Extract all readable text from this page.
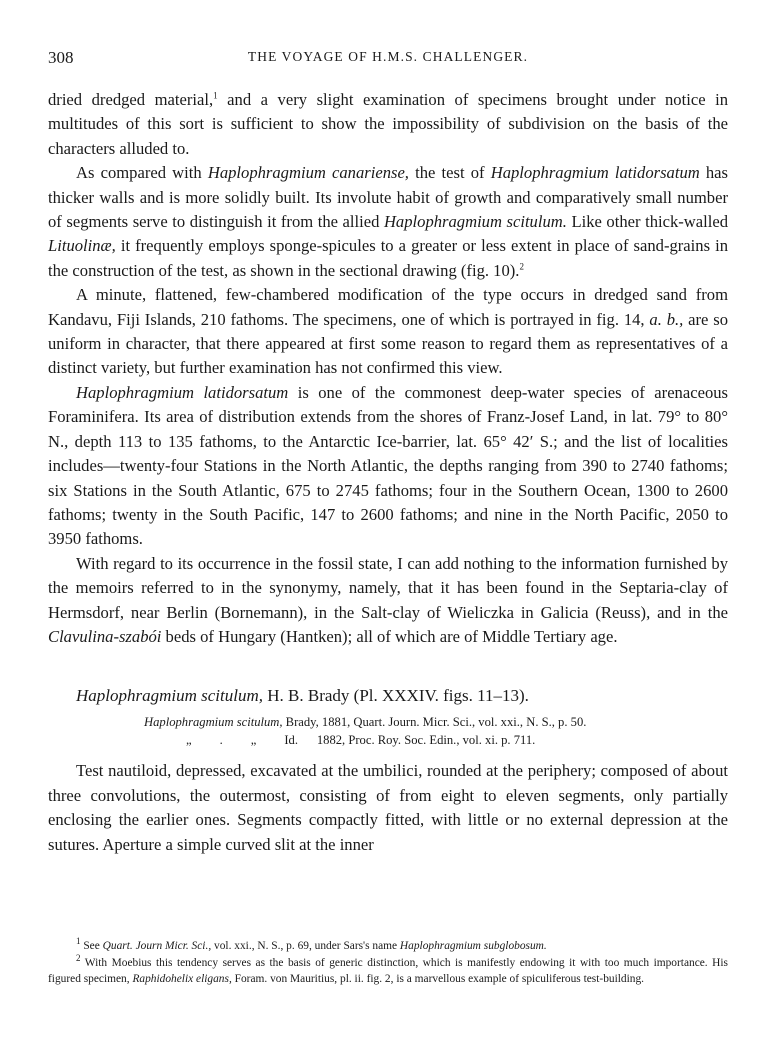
308	THE VOYAGE OF H.M.S. CHALLENGER.

dried dredged material,$^1$ and a very slight examination of specimens brought under notice in multitudes of this sort is sufficient to show the impossibility of subdivision on the basis of the characters alluded to.

As compared with Haplophragmium canariense, the test of Haplophragmium latidorsatum has thicker walls and is more solidly built. Its involute habit of growth and comparatively small number of segments serve to distinguish it from the allied Haplophragmium scitulum. Like other thick-walled Lituolinæ, it frequently employs sponge-spicules to a greater or less extent in place of sand-grains in the construction of the test, as shown in the sectional drawing (fig. 10).$^2$

A minute, flattened, few-chambered modification of the type occurs in dredged sand from Kandavu, Fiji Islands, 210 fathoms. The specimens, one of which is portrayed in fig. 14, a. b., are so uniform in character, that there appeared at first some reason to regard them as representatives of a distinct variety, but further examination has not confirmed this view.

Haplophragmium latidorsatum is one of the commonest deep-water species of arenaceous Foraminifera. Its area of distribution extends from the shores of Franz-Josef Land, in lat. 79° to 80° N., depth 113 to 135 fathoms, to the Antarctic Ice-barrier, lat. 65° 42′ S.; and the list of localities includes—twenty-four Stations in the North Atlantic, the depths ranging from 390 to 2740 fathoms; six Stations in the South Atlantic, 675 to 2745 fathoms; four in the Southern Ocean, 1300 to 2600 fathoms; twenty in the South Pacific, 147 to 2600 fathoms; and nine in the North Pacific, 2050 to 3950 fathoms.

With regard to its occurrence in the fossil state, I can add nothing to the information furnished by the memoirs referred to in the synonymy, namely, that it has been found in the Septaria-clay of Hermsdorf, near Berlin (Bornemann), in the Salt-clay of Wieliczka in Galicia (Reuss), and in the Clavulina-szabói beds of Hungary (Hantken); all of which are of Middle Tertiary age.

Haplophragmium scitulum, H. B. Brady (Pl. XXXIV. figs. 11–13).
Haplophragmium scitulum, Brady, 1881, Quart. Journ. Micr. Sci., vol. xxi., N. S., p. 50.
„ . „ Id.      1882, Proc. Roy. Soc. Edin., vol. xi. p. 711.

Test nautiloid, depressed, excavated at the umbilici, rounded at the periphery; composed of about three convolutions, the outermost, consisting of from eight to eleven segments, only partially enclosing the earlier ones. Segments compactly fitted, with little or no external depression at the sutures. Aperture a simple curved slit at the inner

$^1$ See Quart. Journ Micr. Sci., vol. xxi., N. S., p. 69, under Sars's name Haplophragmium subglobosum.
$^2$ With Moebius this tendency serves as the basis of generic distinction, which is manifestly endowing it with too much importance. His figured specimen, Raphidohelix eligans, Foram. von Mauritius, pl. ii. fig. 2, is a marvellous example of spiculiferous test-building.
